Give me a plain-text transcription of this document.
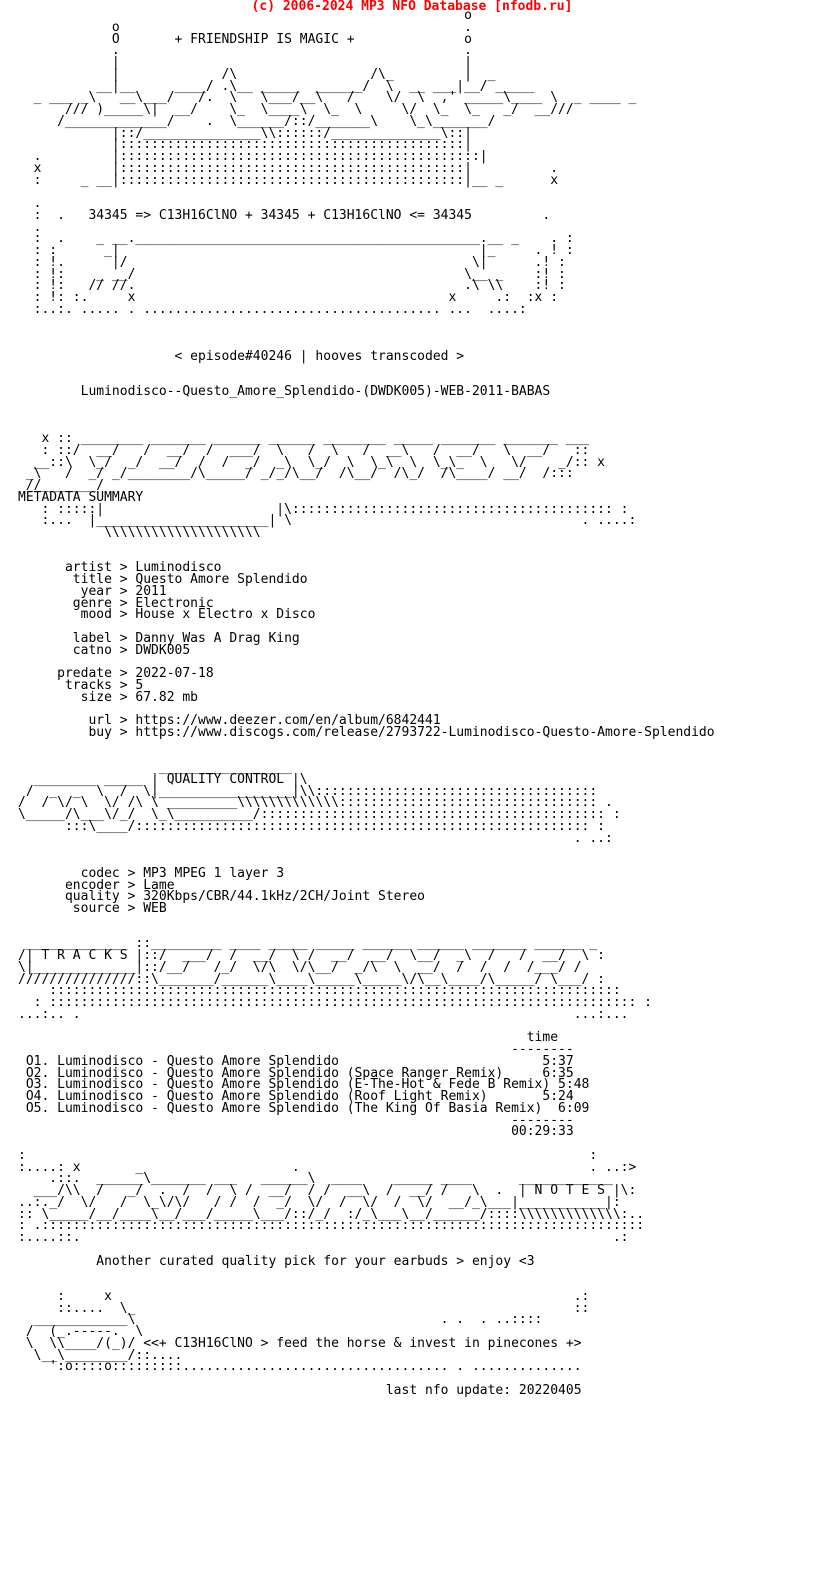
(c) 2006-2024 MP3 NFO Database [nfodb.ru]
o
o                                            .
O       + FRIENDSHIP IS MAGIC +              o
.                                            .
|                                            |
|             /\                 /\_         |  _
__|__     ____/ .\__ _____  ______/  \  __ ___|__/ _____
_ ___ _\   __\___/   /.  \   \___/__\   /    \/  \  ,' _____\____ \  _ ____ _
/// )_____\|  __/    \_  \____\  \_  \     \/  \_  \_   _/  __///
/_____________/    .  \______/::/_______\    \_\_______/
|::/_______________\\::::::/______________\::|
|::::::::::::::::::::::::::::::::::::::::::::|
.         |::::::::::::::::::::::::::::::::::::::::::::::|
x         |::::::::::::::::::::::::::::::::::::::::::::|          .
:     _ __|::::::::::::::::::::::::::::::::::::::::::::|__ _      x

.
:  .   34345 => C13H16ClNO + 34345 + C13H16ClNO <= 34345         .
.
:  .    _ __.____________________________________________.__ _    . :
: :      _|                                              |_     . ! :
: !.      |/                                            \|      .! :
: !:    _ __/                                          \__ _    :! :
: !:   // //.                                          .\ \\    :! :
: !: :.     x                                        x     .:  :x :
:..:. ..... . ...................................... ...  ....:

< episode#40246 | hooves transcoded >

Luminodisco--Questo_Amore_Splendido-(DWDK005)-WEB-2011-BABAS

x :: ________ _______ ______ ______ ________ _____ _______ _______ ___
: ::/  __/   /  __/  /  ___/  \   /  \   /  __\   /  __/   \  __/   ::
__::\  \_/  _/  __/  /  /  _/  _\  \_/  \  \_\  \  \_\_  \   \/    _/:: x
_\   /  _/ _/________/\_____/ _/_/\__/  /\__/  /\_/  /\____/ __/  /:::
//_______/
METADATA SUMMARY

: :::::|                      |\::::::::::::::::::::::::::::::::::::::::: :
:...  |______________________| \                                     . ....:
\\\\\\\\\\\\\\\\\\\\

artist > Luminodisco
title > Questo Amore Splendido
year > 2011
genre > Electronic
mood > House x Electro x Disco

label > Danny Was A Drag King
catno > DWDK005

predate > 2022-07-18
tracks > 5
size > 67.82 mb

url > https://www.deezer.com/en/album/6842441
buy > https://www.discogs.com/release/2793722-Luminodisco-Questo-Amore-Splendido

_________________
________ _____ | QUALITY CONTROL |\
/  _  _  \  /  \|_________________|\\::::::::::::::::::::::::::::::::::::
/  / \/ \  \/ /\ \ _________\\\\\\\\\\\\\::::::::::::::::::::::::::::::::: .
\_____/\___\/_/  \_\__________/:::::::::::::::::::::::::::::::::::::::::::: :
:::\____/:::::::::::::::::::::::::::::::::::::::::::::::::::::::::: :
. ..:

codec > MP3 MPEG 1 layer 3
encoder > Lame
quality > 320Kbps/CBR/44.1kHz/2CH/Joint Stereo
source > WEB

_____________ ::_________ ____ _____ _____ ______ ______ _______ ______ _
/| T R A C K S |::/  ___/  /  __/  \ /  __/  __/  \__/  _\  /   /  __/  \ :
\|_____________|::/__/   /_/  \/\  \/\__/  _/\  \  __/  /  /  /  /___/ /
///////////////::\_______/______\____\_____\_____\/\__\____/\_____/ \___/ :
:::::::::::::::::::::::::::::::::::::::::::::::::::::::::::::::::::::::::
: ::::::::::::::::::::::::::::::::::::::::::::::::::::::::::::::::::::::::::: :
...:.. .                                                               ...:...

time
--------
O1. Luminodisco - Questo Amore Splendido                          5:37
O2. Luminodisco - Questo Amore Splendido (Space Ranger Remix)     6:35
O3. Luminodisco - Questo Amore Splendido (E-The-Hot & Fede B Remix) 5:48
O4. Luminodisco - Questo Amore Splendido (Roof Light Remix)       5:24
O5. Luminodisco - Questo Amore Splendido (The King Of Basia Remix)  6:09
--------
00:29:33

:                                                                        :
:....: x       _                   .                                     . ..:>
.::.  ______\_______ ___   ______\  ____    _____ ____      ____________
___/\\  /   _/  .  /  /  \ /  __/  / /  __\  /  __/ /   \  .  | N O T E S |\:
..:._/  \/   /  \_\/\/   / /  /  _/  \/  /  \/  /  \/  __/_\___|___________|:
:: \_____/__/____\__/___/_____\___/::/_/  :/_\___\__/______/::::\\\\\\\\\\\\\:..
: .:::::::::::::::::::::::::::::::::::::::::::::::::::::::::::::::::::::::::::::
:....::.                                                                    .:

Another curated quality pick for your earbuds > enjoy <3

:     x                                                           .:
::....  \_                                                        ::
____________\                                       . .  . ..::::
/  (_.-----.  \
\  \\____/(_)/ <<+ C13H16ClNO > feed the horse & invest in pinecones +>
\__\________/::....
':o::::o:::::::::.................................. . ..............

last nfo update: 20220405
